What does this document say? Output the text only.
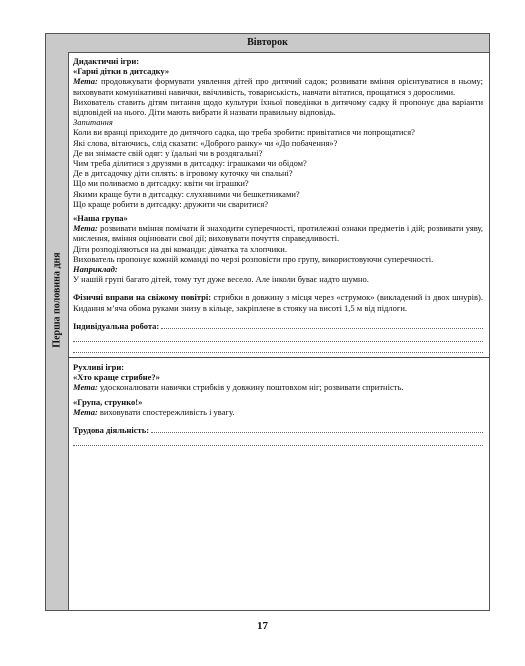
Вівторок
Перша половина дня

Дидактичні ігри:

«Гарні дітки в дитсадку»

Мета: продовжувати формувати уявлення дітей про дитячий садок; розвивати вміння орієнтуватися в ньому; виховувати комунікативні навички, ввічливість, товариськість, навчати вітатися, прощатися з дорослими.

Вихователь ставить дітям питання щодо культури їхньої поведінки в дитячому садку й пропонує два варіанти відповідей на нього. Діти мають вибрати й назвати правильну відповідь.

Запитання

Коли ви вранці приходите до дитячого садка, що треба зробити: привітатися чи попрощатися?

Які слова, вітаючись, слід сказати: «Доброго ранку» чи «До побачення»?

Де ви знімаєте свій одяг: у їдальні чи в роздягальні?

Чим треба ділитися з друзями в дитсадку: іграшками чи обідом?

Де в дитсадочку діти сплять: в ігровому куточку чи спальні?

Що ми поливаємо в дитсадку: квіти чи іграшки?

Якими краще бути в дитсадку: слухняними чи бешкетниками?

Що краще робити в дитсадку: дружити чи сваритися?

«Наша група»

Мета: розвивати вміння помічати й знаходити суперечності, протилежні ознаки предметів і дій; розвивати уяву, мислення, вміння оцінювати свої дії; виховувати почуття справедливості.

Діти розподіляються на дві команди: дівчатка та хлопчики.

Вихователь пропонує кожній команді по черзі розповісти про групу, використовуючи суперечності.

Наприклад:

У нашій групі багато дітей, тому тут дуже весело. Але інколи буває надто шумно.

Фізичні вправи на свіжому повітрі: стрибки в довжину з місця через «струмок» (викладений із двох шнурів). Кидання м’яча обома руками знизу в кільце, закріплене в стояку на висоті 1,5 м від підлоги.

Індивідуальна робота:

Рухливі ігри:

«Хто краще стрибне?»

Мета: удосконалювати навички стрибків у довжину поштовхом ніг; розвивати спритність.

«Група, струнко!»

Мета: виховувати спостережливість і увагу.

Трудова діяльність:
17
